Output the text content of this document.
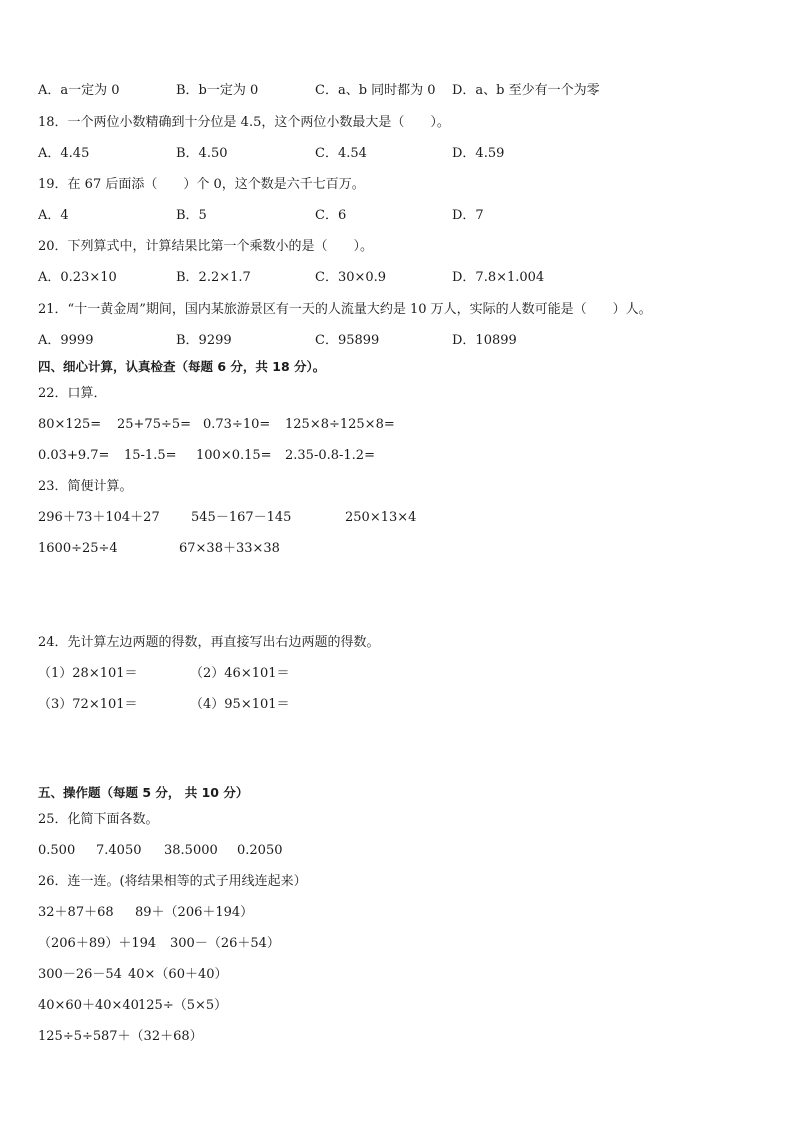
A．a一定为 0	B．b一定为 0	C．a、b 同时都为 0 D．a、b 至少有一个为零
18．一个两位小数精确到十分位是 4.5，这个两位小数最大是（　　）。
A．4.45	B．4.50	C．4.54	D．4.59
19．在 67 后面添（　　）个 0，这个数是六千七百万。
A．4	B．5	C．6	D．7
20．下列算式中，计算结果比第一个乘数小的是（　　）。
A．0.23×10	B．2.2×1.7	C．30×0.9	D．7.8×1.004
21．“十一黄金周”期间，国内某旅游景区有一天的人流量大约是 10 万人，实际的人数可能是（　　）人。
A．9999	B．9299	C．95899	D．10899
四、细心计算，认真检查（每题 6 分，共 18 分）。
22．口算．
80×125= 25+75÷5= 0.73÷10= 125×8÷125×8=
0.03+9.7= 15-1.5= 100×0.15= 2.35-0.8-1.2=
23．简便计算。
296＋73＋104＋27 545－167－145	250×13×4
1600÷25÷4	67×38＋33×38
24．先计算左边两题的得数，再直接写出右边两题的得数。
（1）28×101＝	（2）46×101＝
（3）72×101＝	（4）95×101＝
五、操作题（每题 5 分， 共 10 分）
25．化简下面各数。
0.500 7.4050 38.5000 0.2050
26．连一连。(将结果相等的式子用线连起来）
32＋87＋68 89＋（206＋194）
（206＋89）＋194 300－（26＋54）
300－26－54 40×（60＋40）
40×60＋40×40 125÷（5×5）
125÷5÷5 87＋（32＋68）
